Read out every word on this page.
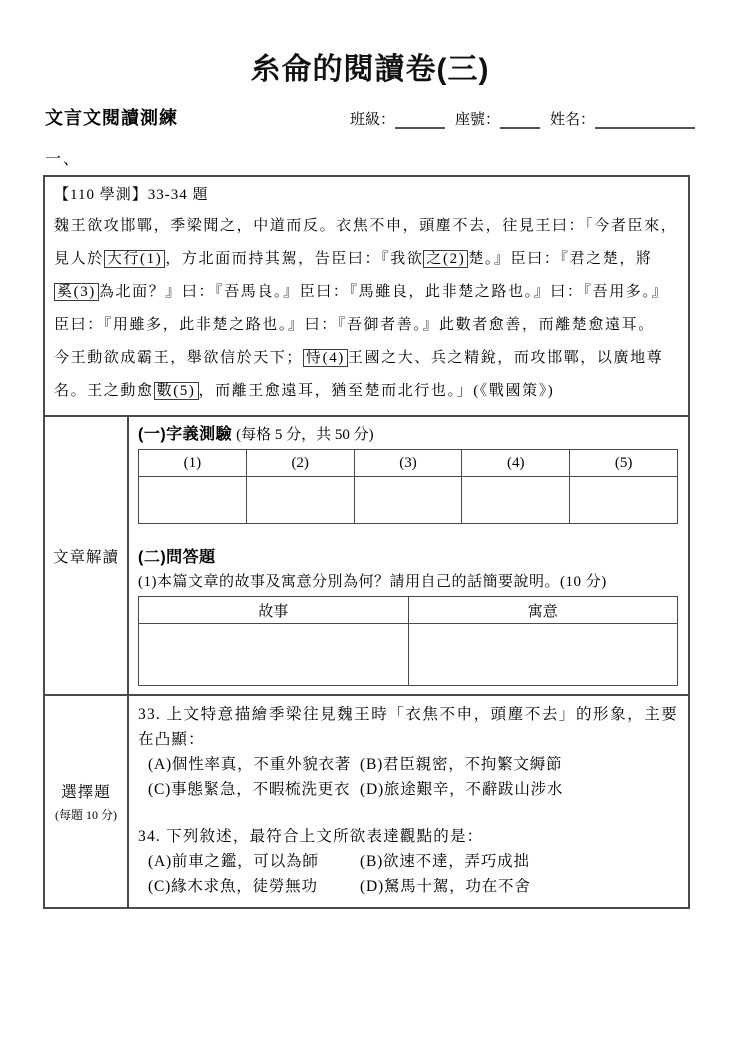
糸侖的閱讀卷(三)
文言文閱讀測練	班級：	座號：	姓名：
一、
【110 學測】33-34 題
魏王欲攻邯鄲，季梁聞之，中道而反。衣焦不申，頭塵不去，往見王曰：「今者臣來，
見人於 大行(1) ，方北面而持其駕，告臣曰：『我欲 之(2) 楚。』臣曰：『君之楚，將
奚(3) 為北面？』曰：『吾馬良。』臣曰：『馬雖良，此非楚之路也。』曰：『吾用多。』
臣曰：『用雖多，此非楚之路也。』曰：『吾御者善。』此數者愈善，而離楚愈遠耳。
今王動欲成霸王，舉欲信於天下； 恃(4) 王國之大、兵之精銳，而攻邯鄲，以廣地尊
名。王之動愈 數(5) ，而離王愈遠耳，猶至楚而北行也。」(《戰國策》)
文章解讀
(一)字義測驗 (每格 5 分，共 50 分)
(1)	(2)	(3)	(4)	(5)

(二)問答題
(1)本篇文章的故事及寓意分別為何？請用自己的話簡要說明。(10 分)
故事	寓意

選擇題
(每題 10 分)
33. 上文特意描繪季梁往見魏王時「衣焦不申，頭塵不去」的形象，主要在凸顯：
(A)個性率真，不重外貌衣著 (B)君臣親密，不拘繁文縟節
(C)事態緊急，不暇梳洗更衣 (D)旅途艱辛，不辭跋山涉水
34. 下列敘述，最符合上文所欲表達觀點的是：
(A)前車之鑑，可以為師	(B)欲速不達，弄巧成拙
(C)緣木求魚，徒勞無功	(D)駑馬十駕，功在不舍
